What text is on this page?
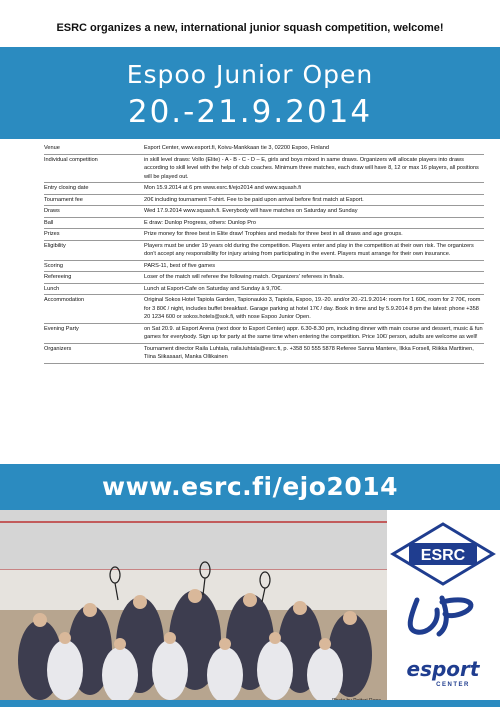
ESRC organizes a new, international junior squash competition, welcome!
Espoo Junior Open
20.-21.9.2014
Venue	Esport Center, www.esport.fi, Koivu-Mankkaan tie 3, 02200 Espoo, Finland
Individual competition	in skill level draws: Vollo (Elite) - A - B - C - D – E, girls and boys mixed in same draws. Organizers will allocate players into draws according to skill level with the help of club coaches. Minimum three matches, each draw will have 8, 12 or max 16 players, all positions will be played out.
Entry closing date	Mon 15.9.2014 at 6 pm www.esrc.fi/ejo2014 and www.squash.fi
Tournament fee	20€ including tournament T-shirt. Fee to be paid upon arrival before first match at Esport.
Draws	Wed 17.9.2014 www.squash.fi. Everybody will have matches on Saturday and Sunday
Ball	E draw: Dunlop Progress, others: Dunlop Pro
Prizes	Prize money for three best in Elite draw! Trophies and medals for three best in all draws and age groups.
Eligibility	Players must be under 19 years old during the competition. Players enter and play in the competition at their own risk. The organizers don't accept any responsibility for injury arising from participating in the event. Players must arrange for their own insurance.
Scoring	PARS-11, best of five games
Refereeing	Loser of the match will referee the following match. Organizers' referees in finals.
Lunch	Lunch at Esport-Cafe on Saturday and Sunday à 9,70€.
Accommodation	Original Sokos Hotel Tapiola Garden, Tapionaukio 3, Tapiola, Espoo, 19.-20. and/or 20.-21.9.2014: room for 1 60€, room for 2 70€, room for 3 80€ / night, includes buffet breakfast. Garage parking at hotel 17€ / day. Book in time and by 5.9.2014 8 pm the latest: phone +358 20 1234 600 or sokos.hotels@sok.fi, with nose Espoo Junior Open.
Evening Party	on Sat 20.9. at Esport Arena (next door to Esport Center) appr. 6.30-8.30 pm, including dinner with main course and dessert, music & fun games for everybody. Sign up for party at the same time when entering the competition. Price 10€/ person, adults are welcome as well!
Organizers	Tournament director Raila Luhtala, raila.luhtala@esrc.fi, p. +358 50 555 5878 Referee Sanna Mantere, Ilkka Forsell, Riikka Marttinen, Tiina Siikasaari, Manka Ollikainen
www.esrc.fi/ejo2014
ESRC
esport
CENTER
